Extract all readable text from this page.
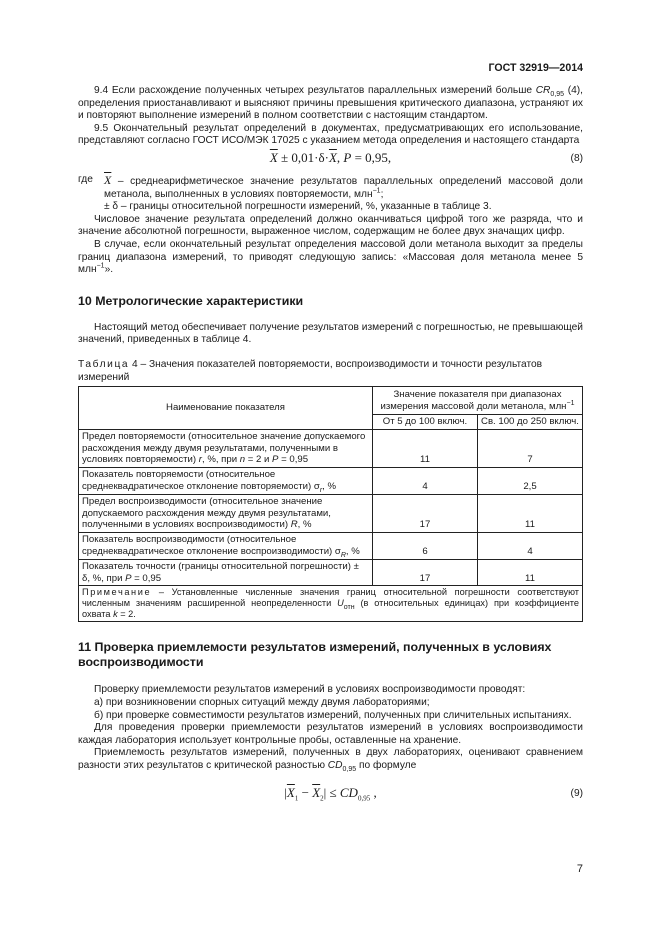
ГОСТ 32919—2014

9.4 Если расхождение полученных четырех результатов параллельных измерений больше $CR_{0,95}$ (4), определения приостанавливают и выясняют причины превышения критического диапазона, устраняют их и повторяют выполнение измерений в полном соответствии с настоящим стандартом.

9.5 Окончательный результат определений в документах, предусматривающих его использование, представляют согласно ГОСТ ИСО/МЭК 17025 с указанием метода определения и настоящего стандарта

$\overline{X} \pm 0,01\cdot\delta\cdot\overline{X}$, P = 0,95,	(8)
где $\overline{X}$ – среднеарифметическое значение результатов параллельных определений массовой доли метанола, выполненных в условиях повторяемости, млн$^{-1}$;

± δ – границы относительной погрешности измерений, %, указанные в таблице 3.

Числовое значение результата определений должно оканчиваться цифрой того же разряда, что и значение абсолютной погрешности, выраженное числом, содержащим не более двух значащих цифр.

В случае, если окончательный результат определения массовой доли метанола выходит за пределы границ диапазона измерений, то приводят следующую запись: «Массовая доля метанола менее 5 млн$^{-1}$».

10 Метрологические характеристики

Настоящий метод обеспечивает получение результатов измерений с погрешностью, не превышающей значений, приведенных в таблице 4.

Таблица 4 – Значения показателей повторяемости, воспроизводимости и точности результатов измерений

Наименование показателя	Значение показателя при диапазонах измерения массовой доли метанола, млн$^{-1}$
	От 5 до 100 включ.	Св. 100 до 250 включ.
Предел повторяемости (относительное значение допускаемого расхождения между двумя результатами, полученными в условиях повторяемости) r, %, при n = 2 и P = 0,95	11	7
Показатель повторяемости (относительное среднеквадратическое отклонение повторяемости) $\sigma_r$, %	4	2,5
Предел воспроизводимости (относительное значение допускаемого расхождения между двумя результатами, полученными в условиях воспроизводимости) R, %	17	11
Показатель воспроизводимости (относительное среднеквадратическое отклонение воспроизводимости) $\sigma_R$, %	6	4
Показатель точности (границы относительной погрешности) ± δ, %, при P = 0,95	17	11
Примечание – Установленные численные значения границ относительной погрешности соответствуют численным значениям расширенной неопределенности $U_{отн}$ (в относительных единицах) при коэффициенте охвата k = 2.		
11 Проверка приемлемости результатов измерений, полученных в условиях воспроизводимости

Проверку приемлемости результатов измерений в условиях воспроизводимости проводят:

а) при возникновении спорных ситуаций между двумя лабораториями;

б) при проверке совместимости результатов измерений, полученных при сличительных испытаниях.

Для проведения проверки приемлемости результатов измерений в условиях воспроизводимости каждая лаборатория использует контрольные пробы, оставленные на хранение.

Приемлемость результатов измерений, полученных в двух лабораториях, оценивают сравнением разности этих результатов с критической разностью $CD_{0,95}$ по формуле

$|\overline{X}_1 - \overline{X}_2| \le CD_{0,95}$ ,	(9)
7
